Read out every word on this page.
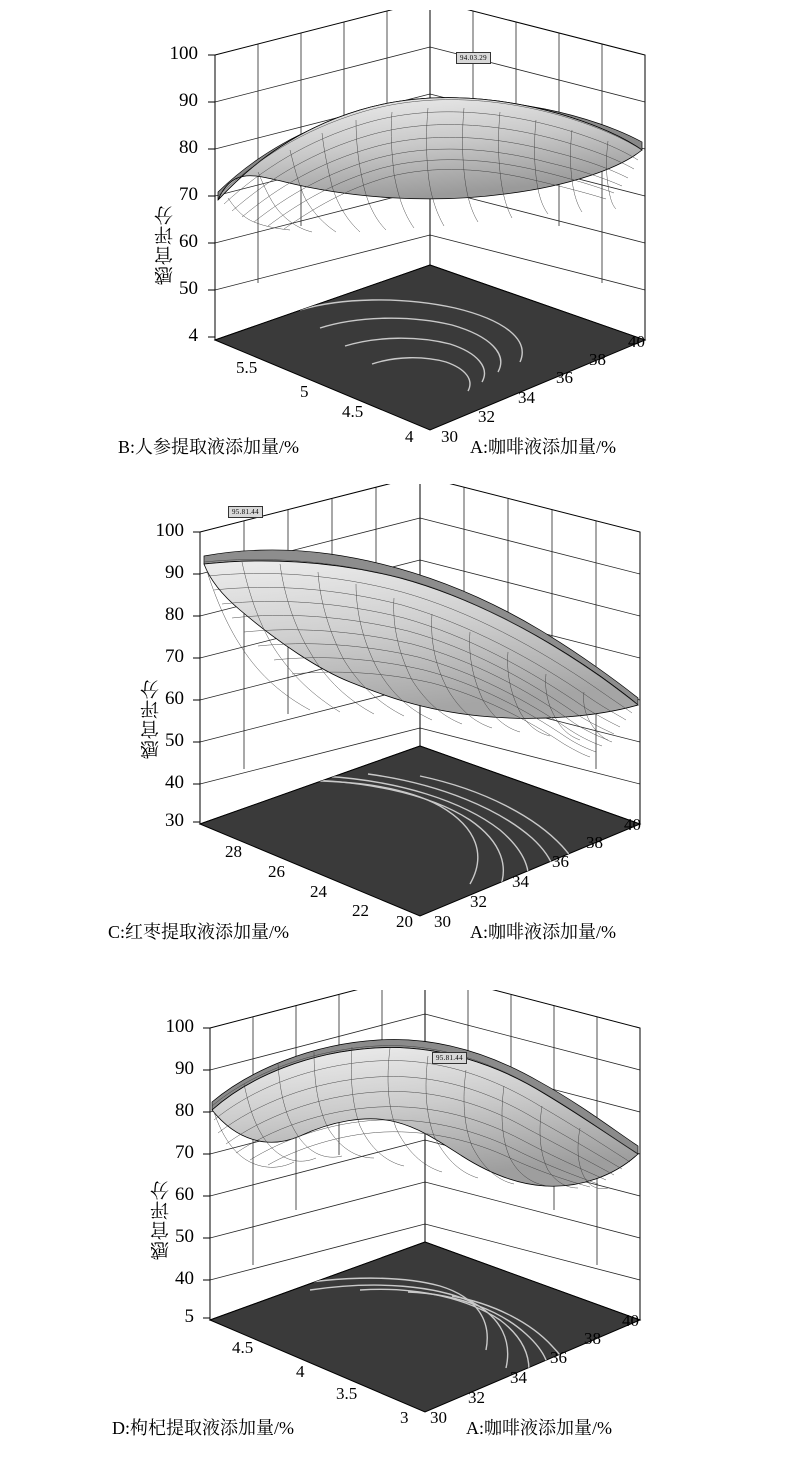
感官评分
100
90
80
70
60
50
4
5.5
5
4.5
4 30
32
34
36
38
40
B:人参提取液添加量/%	A:咖啡液添加量/%
94.03.29
感官评分
100
90
80
70
60
50
40
30
28
26
24
22
20 30
32
34
36
38
40
C:红枣提取液添加量/%	A:咖啡液添加量/%
95.81.44
感官评分
100
90
80
70
60
50
40
5
4.5
4
3.5
3 30
32
34
36
38
40
D:枸杞提取液添加量/%	A:咖啡液添加量/%
95.81.44
